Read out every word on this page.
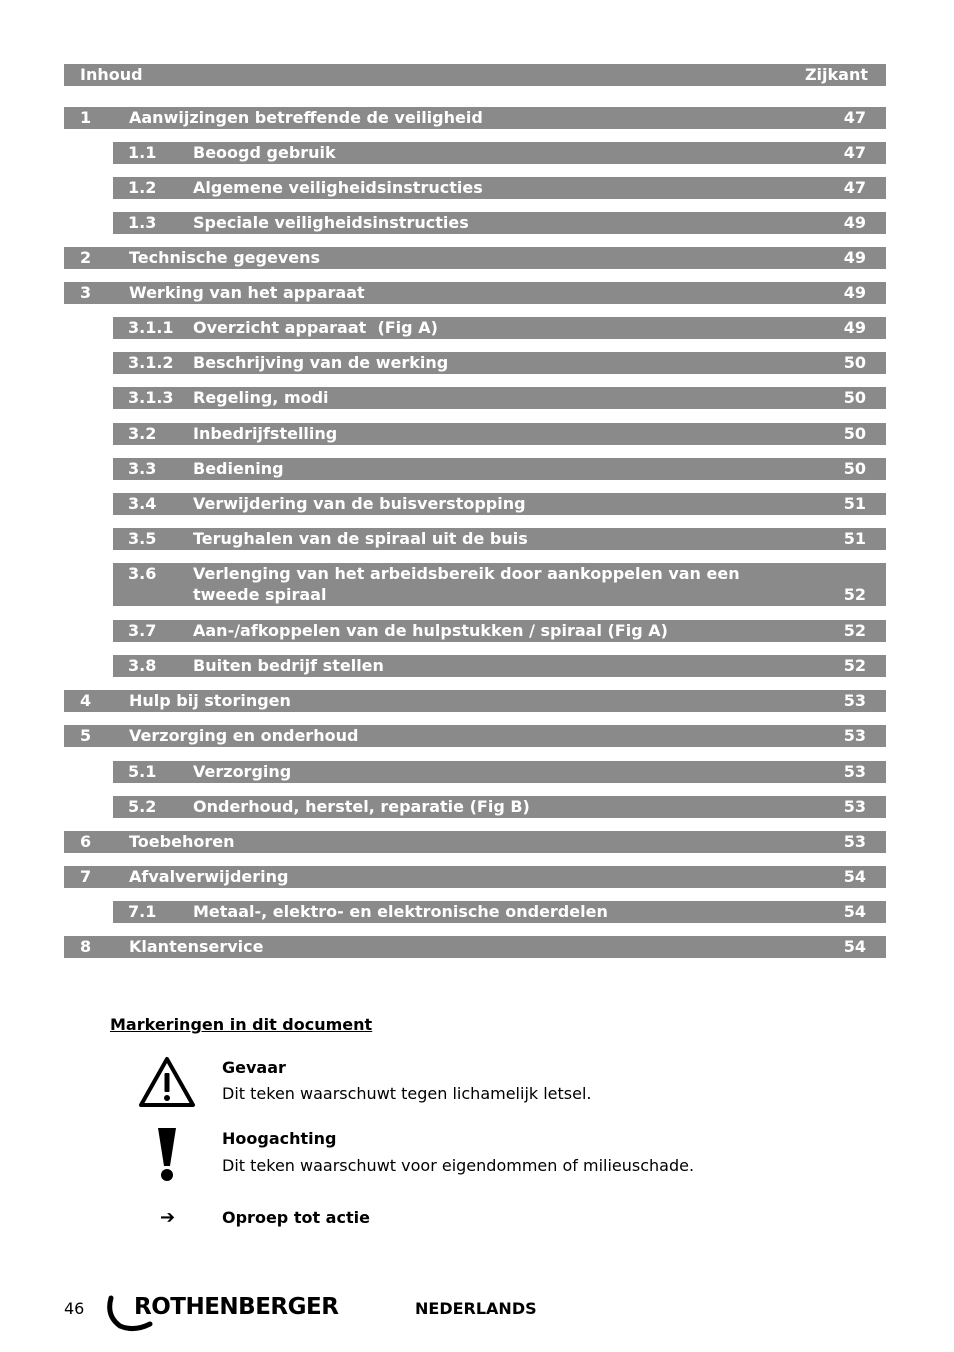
Inhoud	Zijkant
1 Aanwijzingen betreffende de veiligheid	47
1.1 Beoogd gebruik	47
1.2 Algemene veiligheidsinstructies	47
1.3 Speciale veiligheidsinstructies	49
2 Technische gegevens	49
3 Werking van het apparaat	49
3.1.1 Overzicht apparaat  (Fig A)	49
3.1.2 Beschrijving van de werking	50
3.1.3 Regeling, modi	50
3.2 Inbedrijfstelling	50
3.3 Bediening	50
3.4 Verwijdering van de buisverstopping	51
3.5 Terughalen van de spiraal uit de buis	51
3.6 Verlenging van het arbeidsbereik door aankoppelen van een
tweede spiraal	52
3.7 Aan-/afkoppelen van de hulpstukken / spiraal (Fig A)	52
3.8 Buiten bedrijf stellen	52
4 Hulp bij storingen	53
5 Verzorging en onderhoud	53
5.1 Verzorging	53
5.2 Onderhoud, herstel, reparatie (Fig B)	53
6 Toebehoren	53
7 Afvalverwijdering	54
7.1 Metaal-, elektro- en elektronische onderdelen	54
8 Klantenservice	54
Markeringen in dit document
Gevaar
Dit teken waarschuwt tegen lichamelijk letsel.
Hoogachting
Dit teken waarschuwt voor eigendommen of milieuschade.
➔	Oproep tot actie
46 ROTHENBERGER	NEDERLANDS
